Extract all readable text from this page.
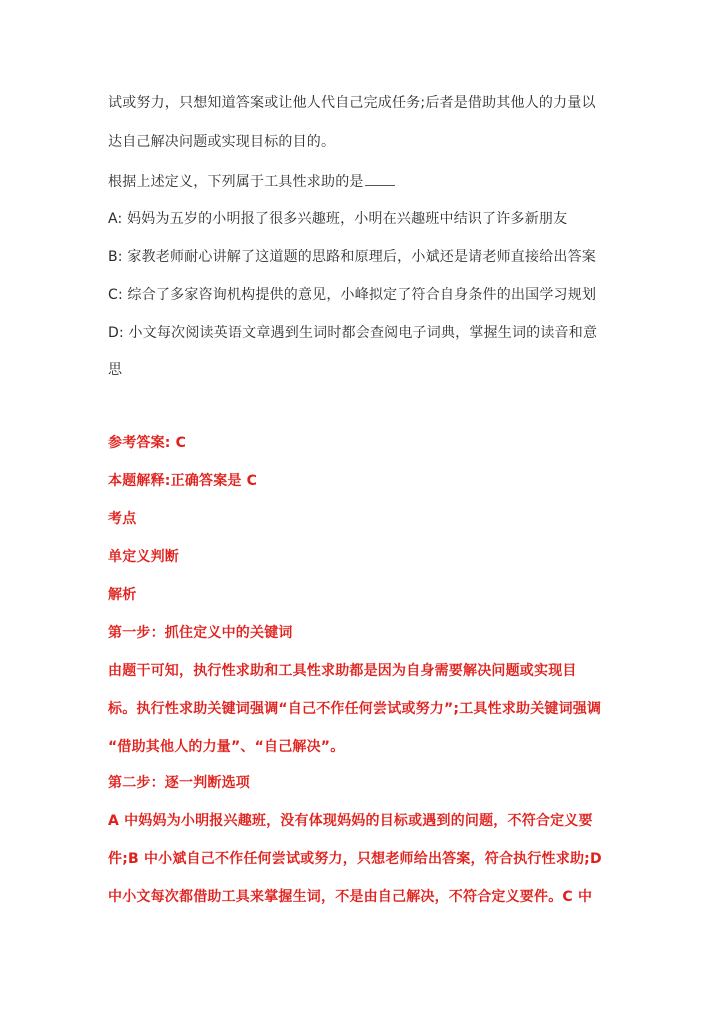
试或努力，只想知道答案或让他人代自己完成任务;后者是借助其他人的力量以
达自己解决问题或实现目标的目的。
根据上述定义，下列属于工具性求助的是
A: 妈妈为五岁的小明报了很多兴趣班，小明在兴趣班中结识了许多新朋友
B: 家教老师耐心讲解了这道题的思路和原理后，小斌还是请老师直接给出答案
C: 综合了多家咨询机构提供的意见，小峰拟定了符合自身条件的出国学习规划
D: 小文每次阅读英语文章遇到生词时都会查阅电子词典，掌握生词的读音和意
思
参考答案: C
本题解释:正确答案是 C
考点
单定义判断
解析
第一步：抓住定义中的关键词
由题干可知，执行性求助和工具性求助都是因为自身需要解决问题或实现目
标。执行性求助关键词强调“自己不作任何尝试或努力”;工具性求助关键词强调
“借助其他人的力量”、“自己解决”。
第二步：逐一判断选项
A 中妈妈为小明报兴趣班，没有体现妈妈的目标或遇到的问题，不符合定义要
件;B 中小斌自己不作任何尝试或努力，只想老师给出答案，符合执行性求助;D
中小文每次都借助工具来掌握生词，不是由自己解决，不符合定义要件。C 中
